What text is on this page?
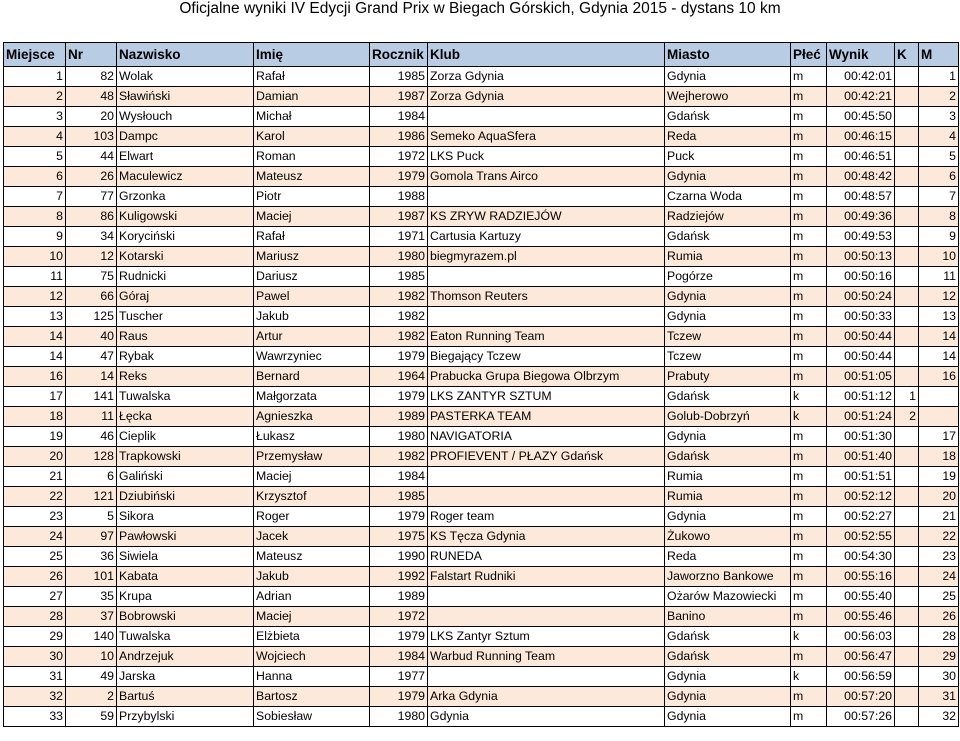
Oficjalne wyniki IV Edycji Grand Prix w Biegach Górskich, Gdynia 2015 - dystans 10 km
Miejsce	Nr	Nazwisko	Imię	Rocznik	Klub	Miasto	Płeć	Wynik	K	M
1	82	Wolak	Rafał	1985	Zorza Gdynia	Gdynia	m	00:42:01		1
2	48	Sławiński	Damian	1987	Zorza Gdynia	Wejherowo	m	00:42:21		2
3	20	Wysłouch	Michał	1984		Gdańsk	m	00:45:50		3
4	103	Dampc	Karol	1986	Semeko AquaSfera	Reda	m	00:46:15		4
5	44	Elwart	Roman	1972	LKS Puck	Puck	m	00:46:51		5
6	26	Maculewicz	Mateusz	1979	Gomola Trans Airco	Gdynia	m	00:48:42		6
7	77	Grzonka	Piotr	1988		Czarna Woda	m	00:48:57		7
8	86	Kuligowski	Maciej	1987	KS ZRYW RADZIEJÓW	Radziejów	m	00:49:36		8
9	34	Koryciński	Rafał	1971	Cartusia Kartuzy	Gdańsk	m	00:49:53		9
10	12	Kotarski	Mariusz	1980	biegmyrazem.pl	Rumia	m	00:50:13		10
11	75	Rudnicki	Dariusz	1985		Pogórze	m	00:50:16		11
12	66	Góraj	Pawel	1982	Thomson Reuters	Gdynia	m	00:50:24		12
13	125	Tuscher	Jakub	1982		Gdynia	m	00:50:33		13
14	40	Raus	Artur	1982	Eaton Running Team	Tczew	m	00:50:44		14
14	47	Rybak	Wawrzyniec	1979	Biegający Tczew	Tczew	m	00:50:44		14
16	14	Reks	Bernard	1964	Prabucka Grupa Biegowa Olbrzym	Prabuty	m	00:51:05		16
17	141	Tuwalska	Małgorzata	1979	LKS ZANTYR SZTUM	Gdańsk	k	00:51:12	1	
18	11	Łęcka	Agnieszka	1989	PASTERKA TEAM	Golub-Dobrzyń	k	00:51:24	2	
19	46	Cieplik	Łukasz	1980	NAVIGATORIA	Gdynia	m	00:51:30		17
20	128	Trapkowski	Przemysław	1982	PROFIEVENT / PŁAZY Gdańsk	Gdańsk	m	00:51:40		18
21	6	Galiński	Maciej	1984		Rumia	m	00:51:51		19
22	121	Dziubiński	Krzysztof	1985		Rumia	m	00:52:12		20
23	5	Sikora	Roger	1979	Roger team	Gdynia	m	00:52:27		21
24	97	Pawłowski	Jacek	1975	KS Tęcza Gdynia	Żukowo	m	00:52:55		22
25	36	Siwiela	Mateusz	1990	RUNEDA	Reda	m	00:54:30		23
26	101	Kabata	Jakub	1992	Falstart Rudniki	Jaworzno Bankowe	m	00:55:16		24
27	35	Krupa	Adrian	1989		Ożarów Mazowiecki	m	00:55:40		25
28	37	Bobrowski	Maciej	1972		Banino	m	00:55:46		26
29	140	Tuwalska	Elżbieta	1979	LKS Zantyr Sztum	Gdańsk	k	00:56:03		28
30	10	Andrzejuk	Wojciech	1984	Warbud Running Team	Gdańsk	m	00:56:47		29
31	49	Jarska	Hanna	1977		Gdynia	k	00:56:59		30
32	2	Bartuś	Bartosz	1979	Arka Gdynia	Gdynia	m	00:57:20		31
33	59	Przybylski	Sobiesław	1980	Gdynia	Gdynia	m	00:57:26		32
